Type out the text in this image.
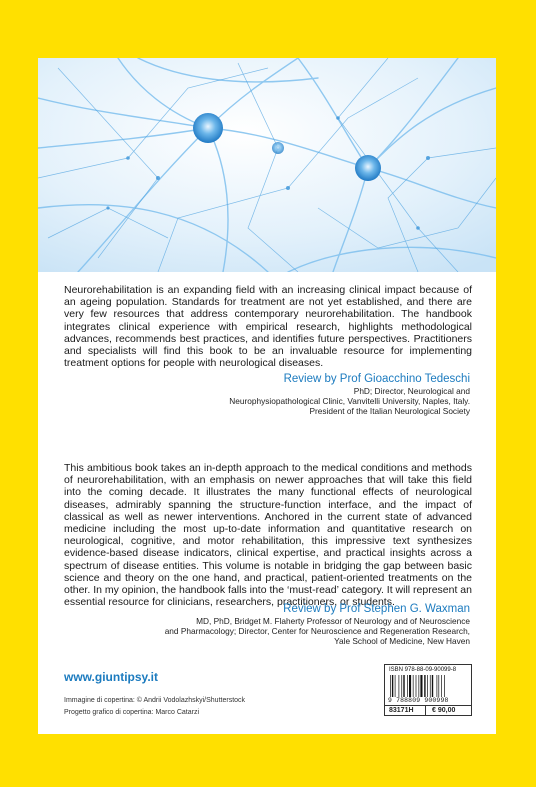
Neurorehabilitation is an expanding field with an increasing clinical impact because of an ageing population. Standards for treatment are not yet established, and there are very few resources that address contemporary neurorehabilitation. The handbook integrates clinical experience with empirical research, highlights methodological advances, recommends best practices, and identifies future perspectives. Practitioners and specialists will find this book to be an invaluable resource for implementing treatment options for people with neurological diseases.

Review by Prof Gioacchino Tedeschi
PhD; Director, Neurological and
Neurophysiopathological Clinic, Vanvitelli University, Naples, Italy.
President of the Italian Neurological Society

This ambitious book takes an in-depth approach to the medical conditions and methods of neurorehabilitation, with an emphasis on newer approaches that will take this field into the coming decade. It illustrates the many functional effects of neurological diseases, admirably spanning the structure-function interface, and the impact of classical as well as newer interventions. Anchored in the current state of advanced medicine including the most up-to-date information and quantitative research on neurological, cognitive, and motor rehabilitation, this impressive text synthesizes evidence-based disease indicators, clinical expertise, and practical insights across a spectrum of disease entities. This volume is notable in bridging the gap between basic science and theory on the one hand, and practical, patient-oriented treatments on the other. In my opinion, the handbook falls into the ‘must-read’ category. It will represent an essential resource for clinicians, researchers, practitioners, or students.

Review by Prof Stephen G. Waxman
MD, PhD, Bridget M. Flaherty Professor of Neurology and of Neuroscience
and Pharmacology; Director, Center for Neuroscience and Regeneration Research,
Yale School of Medicine, New Haven
www.giuntipsy.it
Immagine di copertina: © Andrii Vodolazhskyi/Shutterstock
Progetto grafico di copertina: Marco Catarzi
ISBN 978-88-09-90099-8
9 788809 900998
83171H	€ 90,00
